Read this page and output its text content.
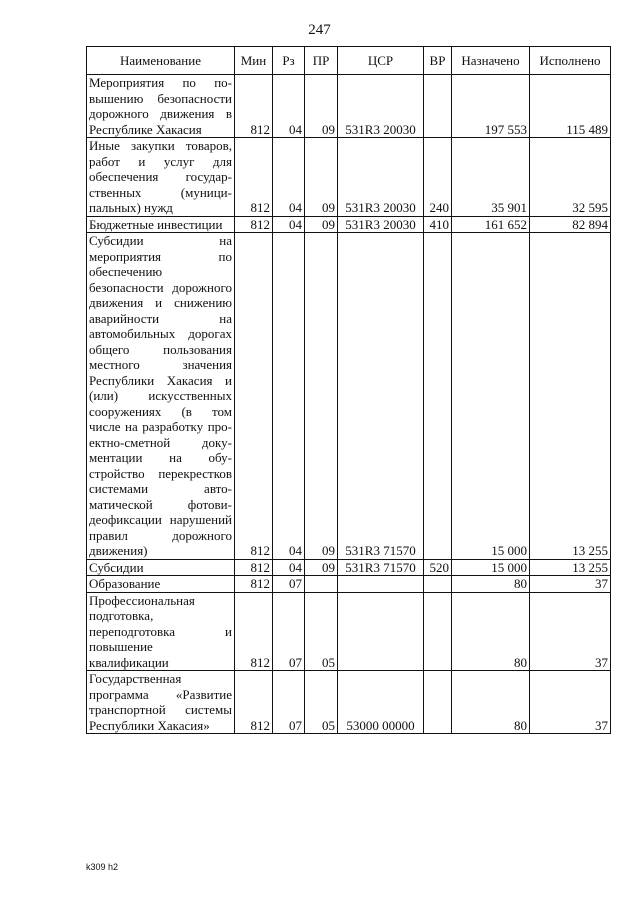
247
Наименование	Мин	Рз	ПР	ЦСР	ВР	Назначено	Исполнено
Мероприятия по повышению безопасности дорожного движения в Республике Хакасия	812	04	09	531R3 20030		197 553	115 489
Иные закупки товаров, работ и услуг для обеспечения государственных (муниципальных) нужд	812	04	09	531R3 20030	240	35 901	32 595
Бюджетные инвестиции	812	04	09	531R3 20030	410	161 652	82 894
Субсидии на мероприятия по обеспечению безопасности дорожного движения и снижению аварийности на автомобильных дорогах общего пользования местного значения Республики Хакасия и (или) искусственных сооружениях (в том числе на разработку проектно-сметной документации на обустройство перекрестков системами автоматической фотовидеофиксации нарушений правил дорожного движения)	812	04	09	531R3 71570		15 000	13 255
Субсидии	812	04	09	531R3 71570	520	15 000	13 255
Образование	812	07				80	37
Профессиональная подготовка, переподготовка и повышение квалификации	812	07	05			80	37
Государственная программа «Развитие транспортной системы Республики Хакасия»	812	07	05	53000 00000		80	37
k309 h2
